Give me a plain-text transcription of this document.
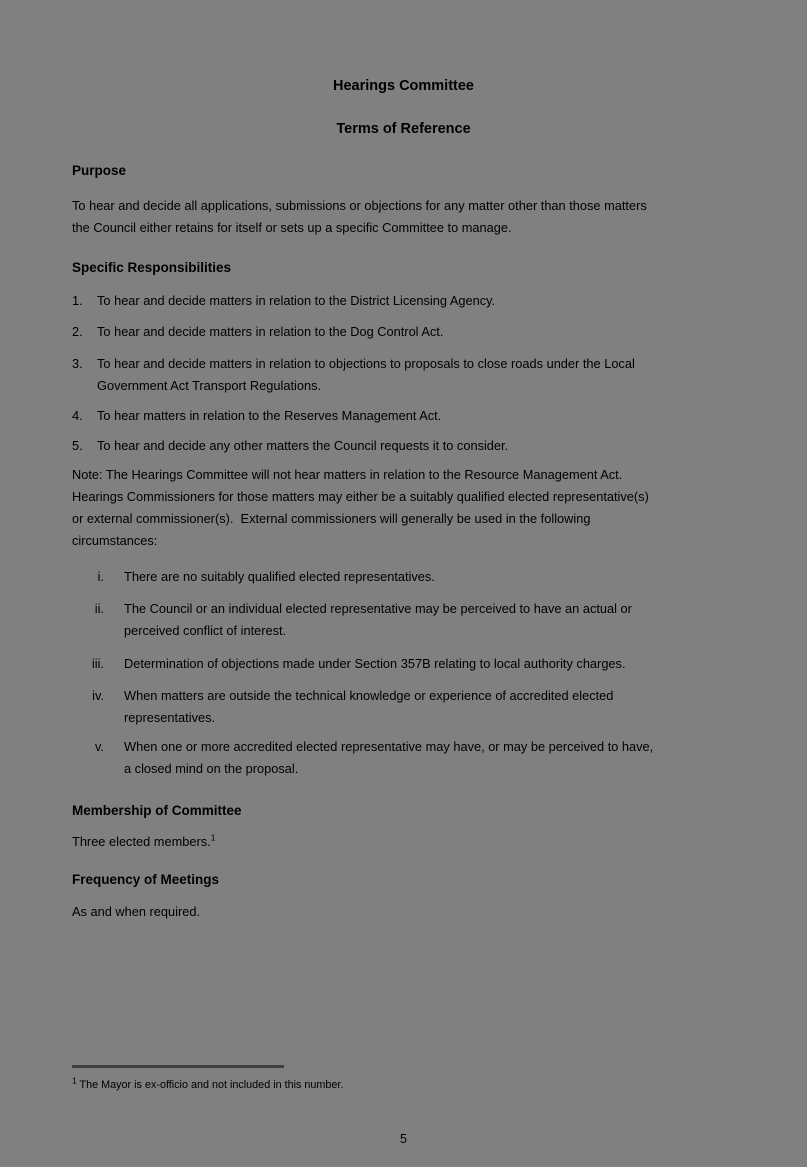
Hearings Committee
Terms of Reference
Purpose
To hear and decide all applications, submissions or objections for any matter other than those matters
the Council either retains for itself or sets up a specific Committee to manage.
Specific Responsibilities
1.	To hear and decide matters in relation to the District Licensing Agency.
2.	To hear and decide matters in relation to the Dog Control Act.
3.	To hear and decide matters in relation to objections to proposals to close roads under the Local
Government Act Transport Regulations.
4.	To hear matters in relation to the Reserves Management Act.
5.	To hear and decide any other matters the Council requests it to consider.
Note: The Hearings Committee will not hear matters in relation to the Resource Management Act.
Hearings Commissioners for those matters may either be a suitably qualified elected representative(s)
or external commissioner(s).  External commissioners will generally be used in the following
circumstances:
i. There are no suitably qualified elected representatives.
ii. The Council or an individual elected representative may be perceived to have an actual or
perceived conflict of interest.
iii. Determination of objections made under Section 357B relating to local authority charges.
iv. When matters are outside the technical knowledge or experience of accredited elected
representatives.
v. When one or more accredited elected representative may have, or may be perceived to have,
a closed mind on the proposal.
Membership of Committee
Three elected members.$^1$
Frequency of Meetings
As and when required.
$^1$ The Mayor is ex-officio and not included in this number.
5
